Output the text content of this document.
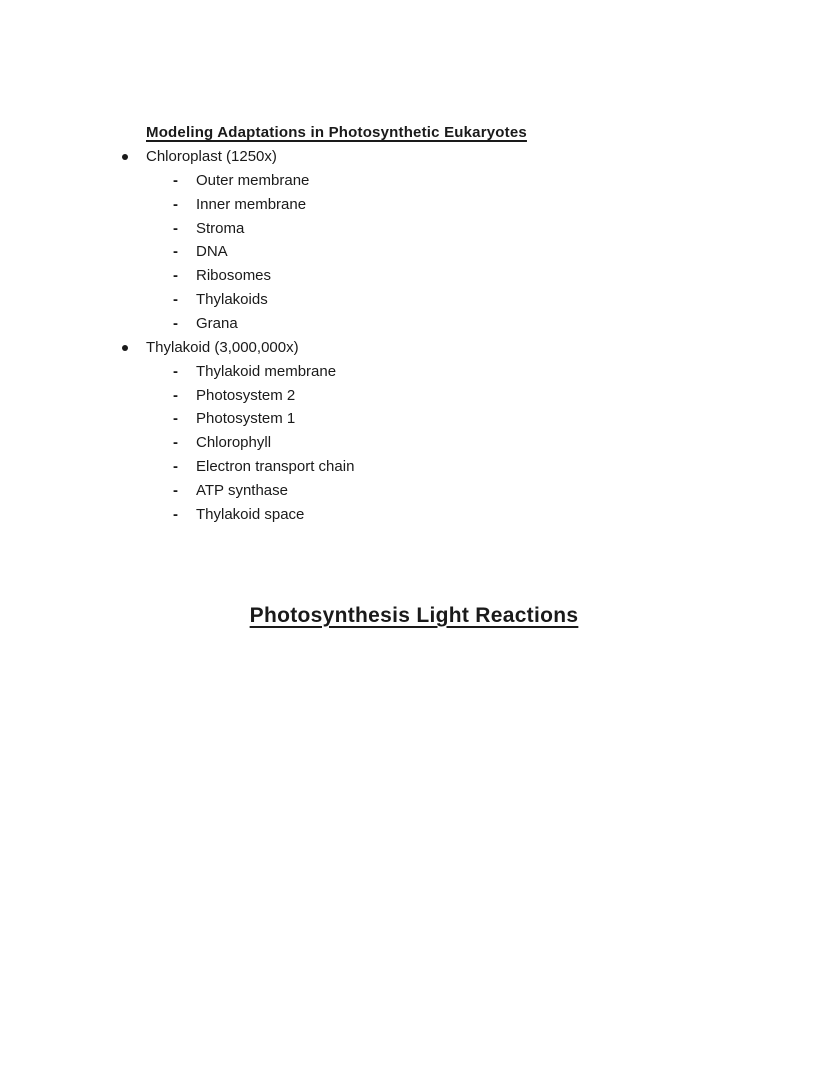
Modeling Adaptations in Photosynthetic Eukaryotes
Chloroplast (1250x)
- Outer membrane
- Inner membrane
- Stroma
- DNA
- Ribosomes
- Thylakoids
- Grana
Thylakoid (3,000,000x)
- Thylakoid membrane
- Photosystem 2
- Photosystem 1
- Chlorophyll
- Electron transport chain
- ATP synthase
- Thylakoid space
Photosynthesis Light Reactions
